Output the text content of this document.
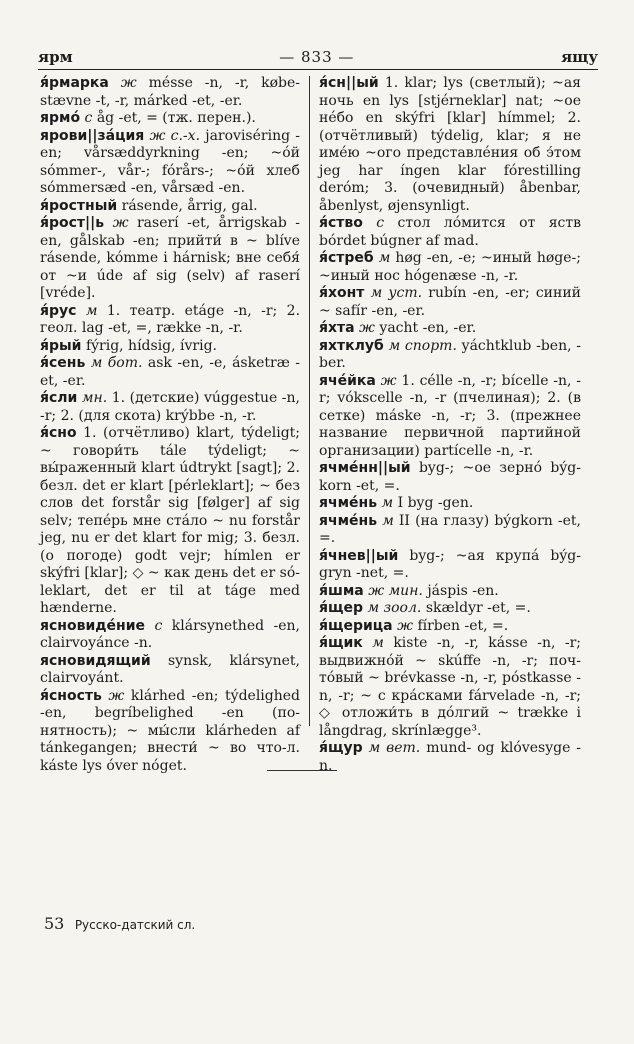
ярм	— 833 —	ящу

я́рмарка ж mésse -n, -r, købestævne -t, -r, márked -et, -er.

ярмó с åg -et, = (тж. перен.).

ярови||зáция ж с.-х. jaroviséring -en; vårsæddyrkning -en; ~óй sómmer-, vår-; fórårs-; ~óй хлеб sómmersæd -en, vårsæd -en.

я́ростный rásende, årrig, gal.

я́рост||ь ж raserí -et, årrigskab -en, gålskab -en; прийти́ в ~ blíve rásende, kómme i hárnisk; вне себя́ от ~и úde af sig (selv) af raserí [vréde].

я́рус м 1. театр. etáge -n, -r; 2. геол. lag -et, =, række -n, -r.

я́рый fýrig, hídsig, ívrig.

я́сень м бот. ask -en, -e, ásketræ -et, -er.

я́сли мн. 1. (детские) vúggestue -n, -r; 2. (для скота) krýbbe -n, -r.

я́сно 1. (отчётливо) klart, týdeligt; ~ говори́ть tále týdeligt; ~ вы́раженный klart údtrykt [sagt]; 2. безл. det er klart [pérleklart]; ~ без слов det forstår sig [følger] af sig selv; тепéрь мне стáло ~ nu forstår jeg, nu er det klart for mig; 3. безл. (о погоде) godt vejr; hímlen er skýfri [klar]; ◇ ~ как день det er sóleklart, det er til at táge med hænderne.

ясновидéние с klársynethed -en, clairvoyánce -n.

ясновидящий synsk, klársynet, clairvoyánt.

я́сность ж klárhed -en; týdelighed -en, begríbelighed -en (понятность); ~ мы́сли klárheden af tánkegangen; внести́ ~ во что-л. káste lys óver nóget.

я́сн||ый 1. klar; lys (светлый); ~ая ночь en lys [stjérneklar] nat; ~ое нéбо en skýfri [klar] hímmel; 2. (отчётливый) týdelig, klar; я не имéю ~ого представлéния об э́том jeg har íngen klar fórestilling deróm; 3. (очевидный) åbenbar, åbenlyst, øjensynligt.

я́ство с стол лóмится от яств bórdet búgner af mad.

я́стреб м høg -en, -e; ~иный høge-; ~иный нос hógenæse -n, -r.

я́хонт м уст. rubín -en, -er; синий ~ safír -en, -er.

я́хта ж yacht -en, -er.

яхтклуб м спорт. yáchtklub -ben, -ber.

ячéйка ж 1. célle -n, -r; bícelle -n, -r; vókscelle -n, -r (пчелиная); 2. (в сетке) máske -n, -r; 3. (прежнее название первичной партийной организации) partícelle -n, -r.

ячмéнн||ый byg-; ~ое зернó býgkorn -et, =.

ячмéнь м I byg -gen.

ячмéнь м II (на глазу) býgkorn -et, =.

я́чнев||ый byg-; ~ая крупá býggryn -net, =.

я́шма ж мин. jáspis -en.

я́щер м зоол. skældyr -et, =.

я́щерица ж fírben -et, =.

я́щик м kiste -n, -r, kásse -n, -r; выдвижнóй ~ skúffe -n, -r; почтóвый ~ brévkasse -n, -r, póstkasse -n, -r; ~ с крáсками fárvelade -n, -r; ◇ отложи́ть в дóлгий ~ trække i långdrag, skrínlægge³.

я́щур м вет. mund- og klóvesyge -n.

53 Русско-датский сл.
